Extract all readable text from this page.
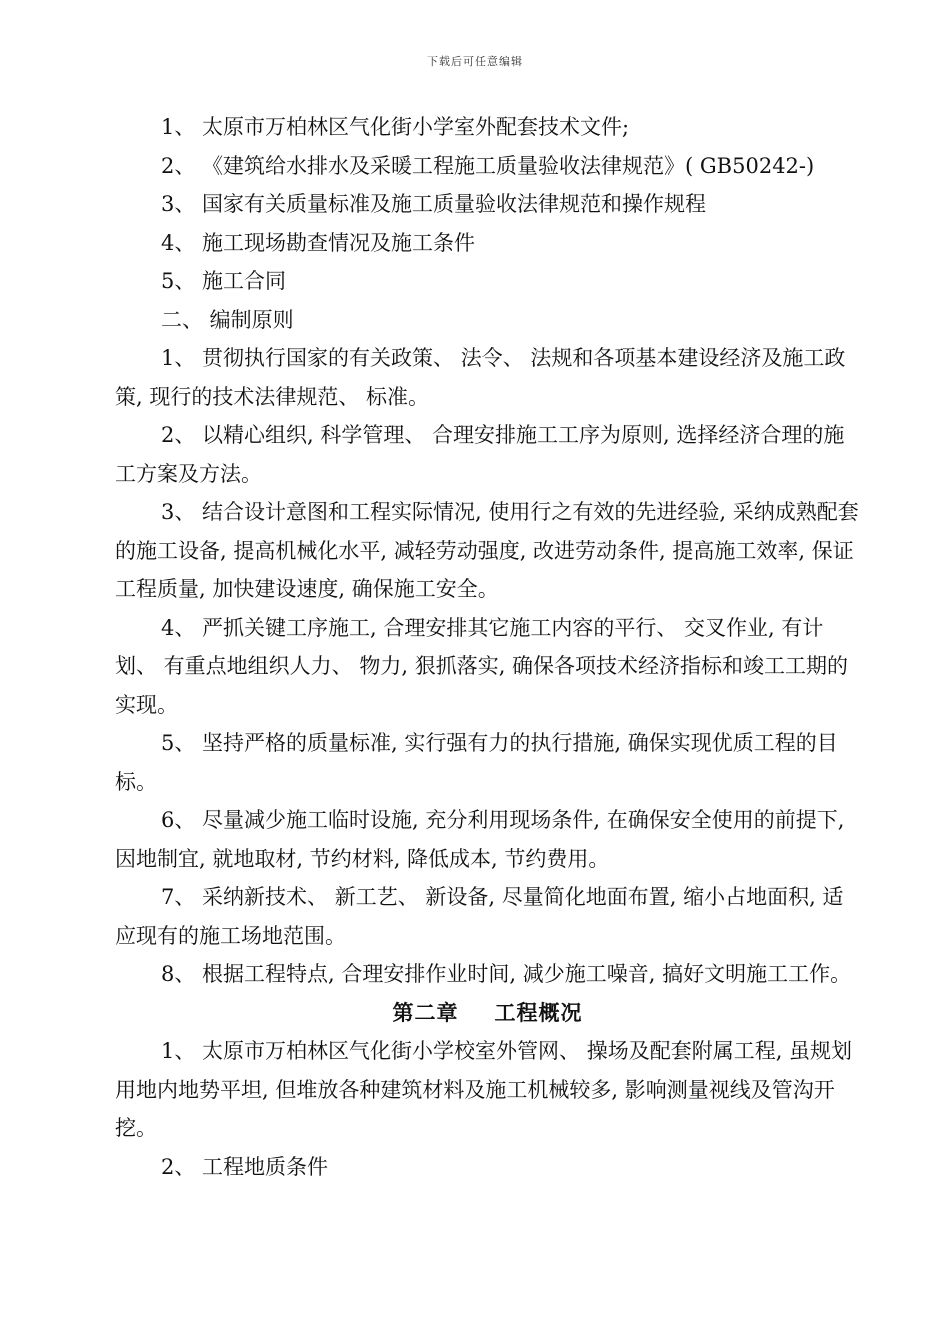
下载后可任意编辑

1、 太原市万柏林区气化街小学室外配套技术文件;

2、 《建筑给水排水及采暖工程施工质量验收法律规范》( GB50242-)

3、 国家有关质量标准及施工质量验收法律规范和操作规程

4、 施工现场勘查情况及施工条件

5、 施工合同

二、 编制原则

1、 贯彻执行国家的有关政策、 法令、 法规和各项基本建设经济及施工政策, 现行的技术法律规范、 标准。

2、 以精心组织, 科学管理、 合理安排施工工序为原则, 选择经济合理的施工方案及方法。

3、 结合设计意图和工程实际情况, 使用行之有效的先进经验, 采纳成熟配套的施工设备, 提高机械化水平, 减轻劳动强度, 改进劳动条件, 提高施工效率, 保证工程质量, 加快建设速度, 确保施工安全。

4、 严抓关键工序施工, 合理安排其它施工内容的平行、 交叉作业, 有计划、 有重点地组织人力、 物力, 狠抓落实, 确保各项技术经济指标和竣工工期的实现。

5、 坚持严格的质量标准, 实行强有力的执行措施, 确保实现优质工程的目标。

6、 尽量减少施工临时设施, 充分利用现场条件, 在确保安全使用的前提下, 因地制宜, 就地取材, 节约材料, 降低成本, 节约费用。

7、 采纳新技术、 新工艺、 新设备, 尽量简化地面布置, 缩小占地面积, 适应现有的施工场地范围。

8、 根据工程特点, 合理安排作业时间, 减少施工噪音, 搞好文明施工工作。

第二章 工程概况

1、 太原市万柏林区气化街小学校室外管网、 操场及配套附属工程, 虽规划用地内地势平坦, 但堆放各种建筑材料及施工机械较多, 影响测量视线及管沟开挖。

2、 工程地质条件
